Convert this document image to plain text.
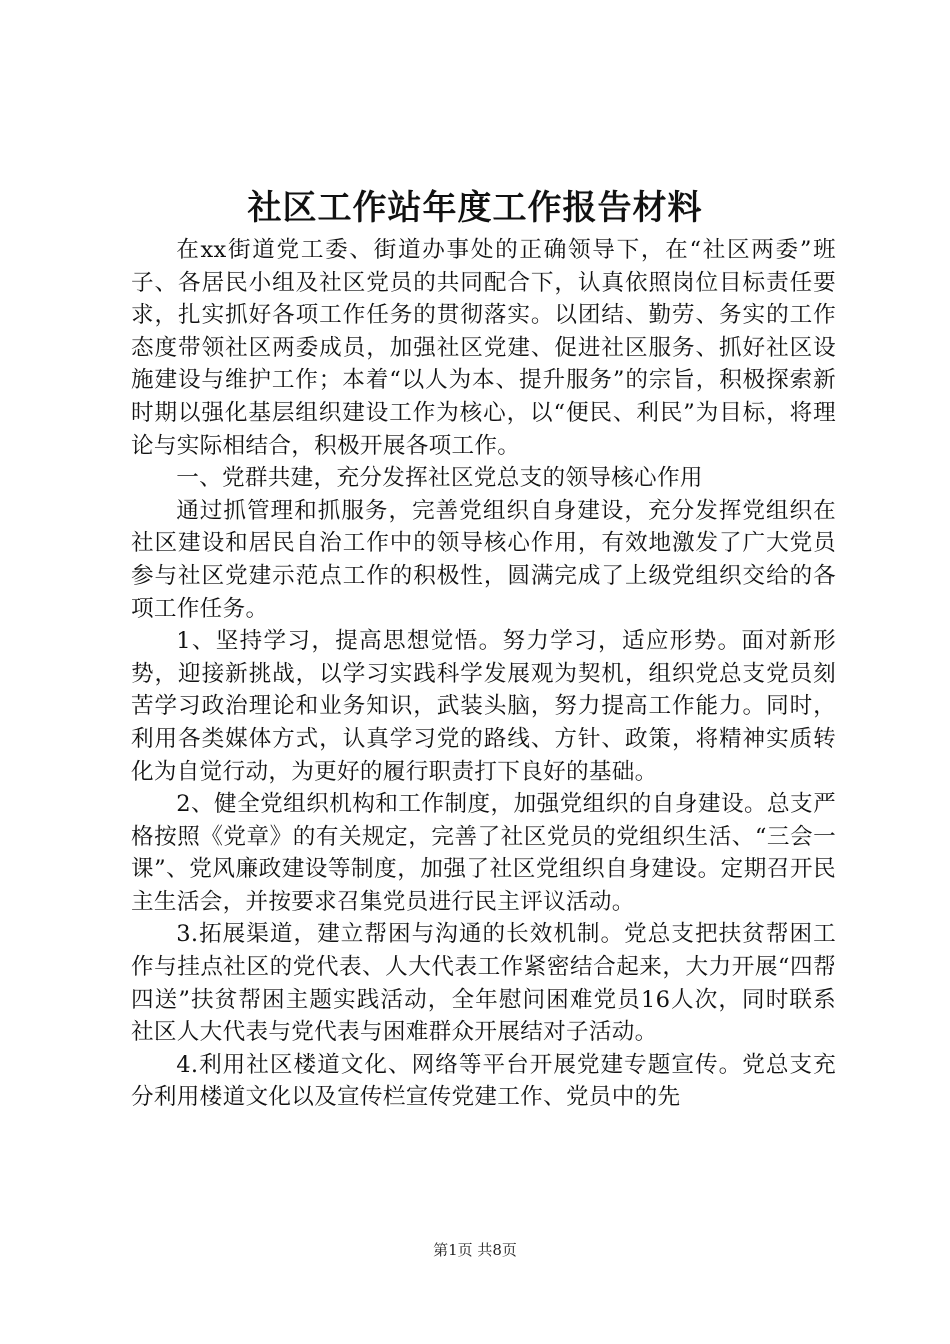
社区工作站年度工作报告材料

在xx街道党工委、街道办事处的正确领导下，在“社区两委”班子、各居民小组及社区党员的共同配合下，认真依照岗位目标责任要求，扎实抓好各项工作任务的贯彻落实。以团结、勤劳、务实的工作态度带领社区两委成员，加强社区党建、促进社区服务、抓好社区设施建设与维护工作；本着“以人为本、提升服务”的宗旨，积极探索新时期以强化基层组织建设工作为核心，以“便民、利民”为目标，将理论与实际相结合，积极开展各项工作。

一、党群共建，充分发挥社区党总支的领导核心作用

通过抓管理和抓服务，完善党组织自身建设，充分发挥党组织在社区建设和居民自治工作中的领导核心作用，有效地激发了广大党员参与社区党建示范点工作的积极性，圆满完成了上级党组织交给的各项工作任务。

1、坚持学习，提高思想觉悟。努力学习，适应形势。面对新形势，迎接新挑战，以学习实践科学发展观为契机，组织党总支党员刻苦学习政治理论和业务知识，武装头脑，努力提高工作能力。同时，利用各类媒体方式，认真学习党的路线、方针、政策，将精神实质转化为自觉行动，为更好的履行职责打下良好的基础。

2、健全党组织机构和工作制度，加强党组织的自身建设。总支严格按照《党章》的有关规定，完善了社区党员的党组织生活、“三会一课”、党风廉政建设等制度，加强了社区党组织自身建设。定期召开民主生活会，并按要求召集党员进行民主评议活动。

3.拓展渠道，建立帮困与沟通的长效机制。党总支把扶贫帮困工作与挂点社区的党代表、人大代表工作紧密结合起来，大力开展“四帮四送”扶贫帮困主题实践活动，全年慰问困难党员16人次，同时联系社区人大代表与党代表与困难群众开展结对子活动。

4.利用社区楼道文化、网络等平台开展党建专题宣传。党总支充分利用楼道文化以及宣传栏宣传党建工作、党员中的先

第1页 共8页
